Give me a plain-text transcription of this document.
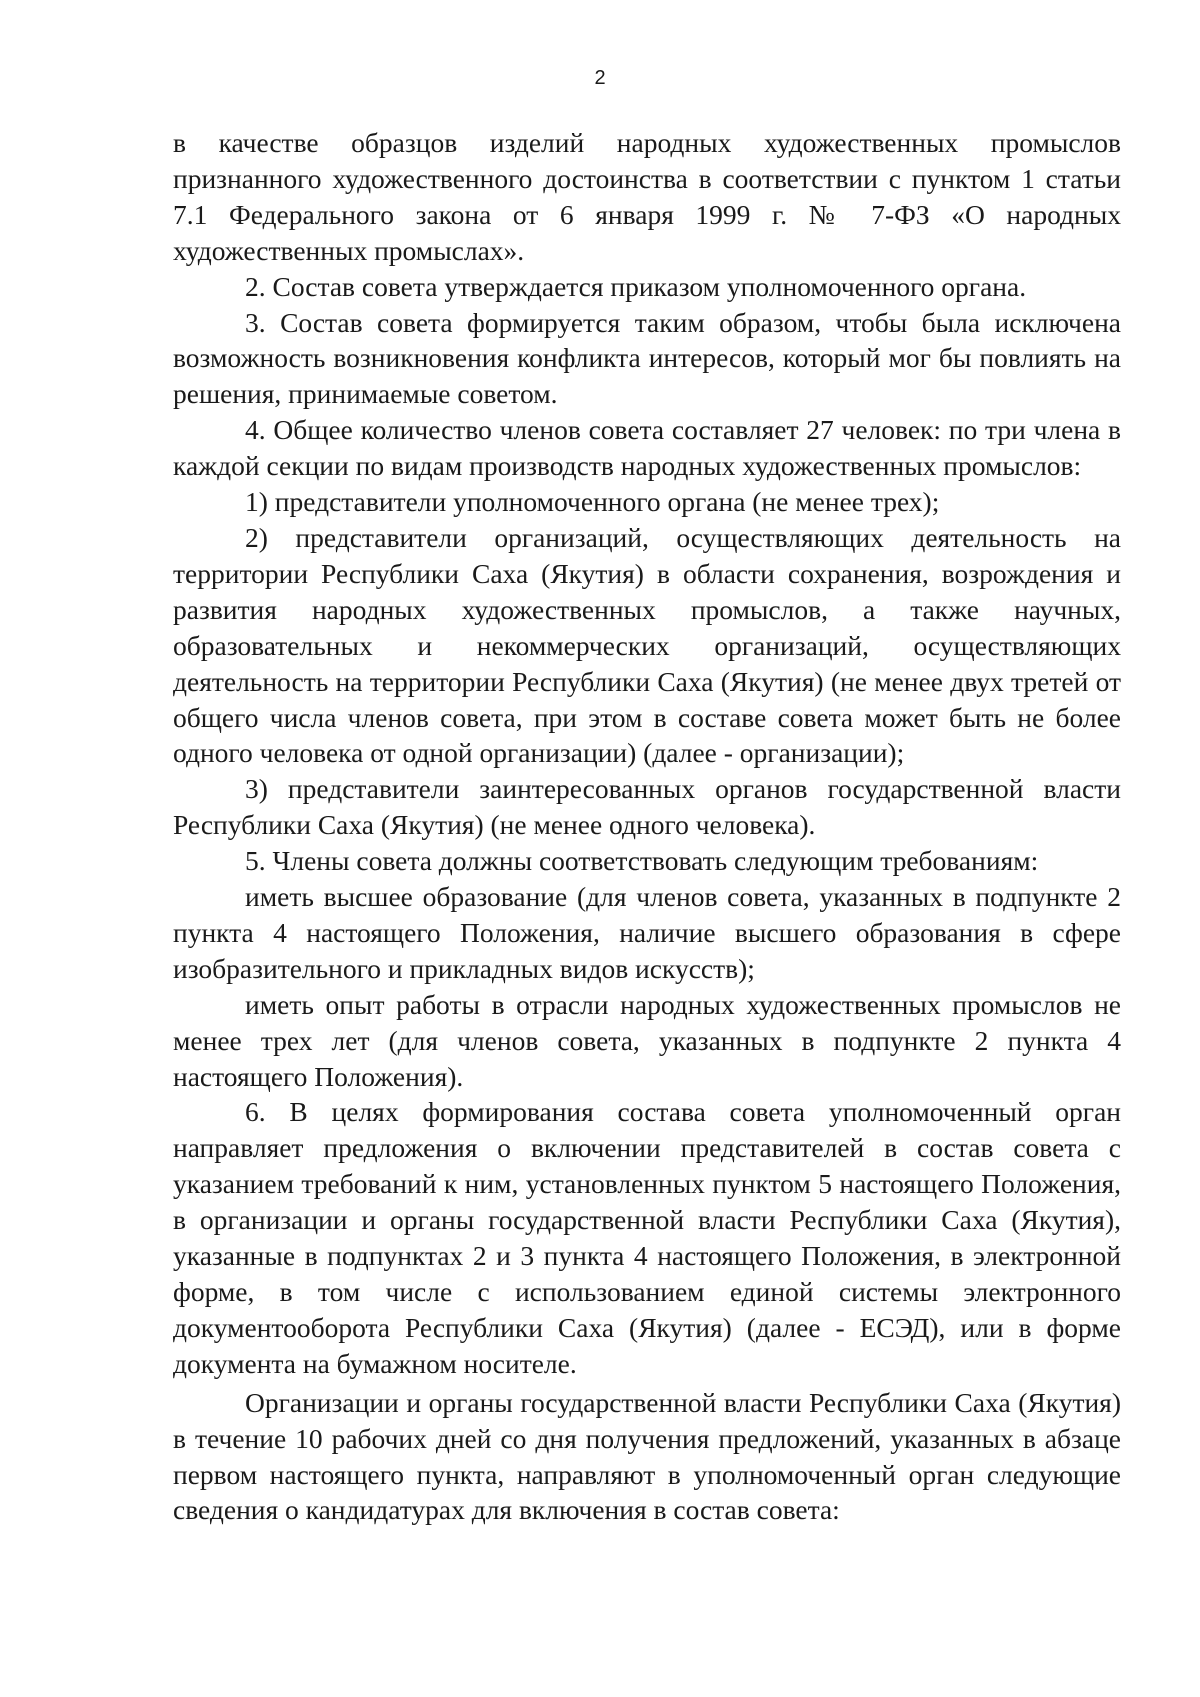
2

в качестве образцов изделий народных художественных промыслов признанного художественного достоинства в соответствии с пунктом 1 статьи 7.1 Федерального закона от 6 января 1999 г. № 7-ФЗ «О народных художественных промыслах».

2. Состав совета утверждается приказом уполномоченного органа.

3. Состав совета формируется таким образом, чтобы была исключена возможность возникновения конфликта интересов, который мог бы повлиять на решения, принимаемые советом.

4. Общее количество членов совета составляет 27 человек: по три члена в каждой секции по видам производств народных художественных промыслов:

1) представители уполномоченного органа (не менее трех);

2) представители организаций, осуществляющих деятельность на территории Республики Саха (Якутия) в области сохранения, возрождения и развития народных художественных промыслов, а также научных, образовательных и некоммерческих организаций, осуществляющих деятельность на территории Республики Саха (Якутия) (не менее двух третей от общего числа членов совета, при этом в составе совета может быть не более одного человека от одной организации) (далее - организации);

3) представители заинтересованных органов государственной власти Республики Саха (Якутия) (не менее одного человека).

5. Члены совета должны соответствовать следующим требованиям:

иметь высшее образование (для членов совета, указанных в подпункте 2 пункта 4 настоящего Положения, наличие высшего образования в сфере изобразительного и прикладных видов искусств);

иметь опыт работы в отрасли народных художественных промыслов не менее трех лет (для членов совета, указанных в подпункте 2 пункта 4 настоящего Положения).

6. В целях формирования состава совета уполномоченный орган направляет предложения о включении представителей в состав совета с указанием требований к ним, установленных пунктом 5 настоящего Положения, в организации и органы государственной власти Республики Саха (Якутия), указанные в подпунктах 2 и 3 пункта 4 настоящего Положения, в электронной форме, в том числе с использованием единой системы электронного документооборота Республики Саха (Якутия) (далее - ЕСЭД), или в форме документа на бумажном носителе.

Организации и органы государственной власти Республики Саха (Якутия) в течение 10 рабочих дней со дня получения предложений, указанных в абзаце первом настоящего пункта, направляют в уполномоченный орган следующие сведения о кандидатурах для включения в состав совета:
